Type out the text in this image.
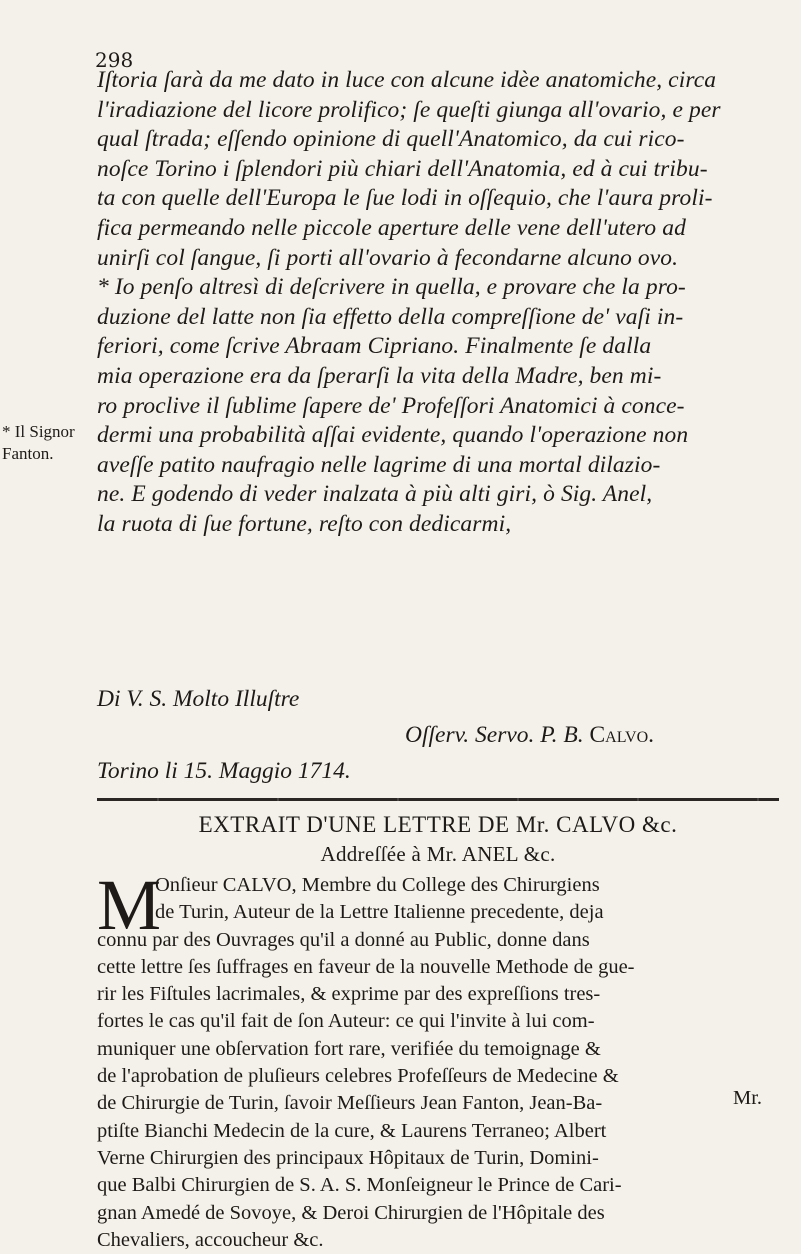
298
Iſtoria ſarà da me dato in luce con alcune idèe anatomiche, circa
l'iradiazione del licore prolifico; ſe queſti giunga all'ovario, e per
qual ſtrada; eſſendo opinione di quell'Anatomico, da cui rico-
noſce Torino i ſplendori più chiari dell'Anatomia, ed à cui tribu-
ta con quelle dell'Europa le ſue lodi in oſſequio, che l'aura proli-
fica permeando nelle piccole aperture delle vene dell'utero ad
unirſi col ſangue, ſi porti all'ovario à fecondarne alcuno ovo.
* Io penſo altresì di deſcrivere in quella, e provare che la pro-
duzione del latte non ſia effetto della compreſſione de' vaſi in-
feriori, come ſcrive Abraam Cipriano. Finalmente ſe dalla
mia operazione era da ſperarſi la vita della Madre, ben mi-
ro proclive il ſublime ſapere de' Profeſſori Anatomici à conce-
dermi una probabilità aſſai evidente, quando l'operazione non
aveſſe patito naufragio nelle lagrime di una mortal dilazio-
ne. E godendo di veder inalzata à più alti giri, ò Sig. Anel,
la ruota di ſue fortune, reſto con dedicarmi,
* Il Signor
Fanton.
Di V. S. Molto Illuſtre
Oſſerv. Servo. P. B. Calvo.
Torino li 15. Maggio 1714.
EXTRAIT D'UNE LETTRE DE Mr. CALVO &c.
Addreſſée à Mr. ANEL &c.
M
Onſieur CALVO, Membre du College des Chirurgiens
de Turin, Auteur de la Lettre Italienne precedente, deja
connu par des Ouvrages qu'il a donné au Public, donne dans
cette lettre ſes ſuffrages en faveur de la nouvelle Methode de gue-
rir les Fiſtules lacrimales, & exprime par des expreſſions tres-
fortes le cas qu'il fait de ſon Auteur: ce qui l'invite à lui com-
muniquer une obſervation fort rare, verifiée du temoignage &
de l'aprobation de pluſieurs celebres Profeſſeurs de Medecine &
de Chirurgie de Turin, ſavoir Meſſieurs Jean Fanton, Jean-Ba-
ptiſte Bianchi Medecin de la cure, & Laurens Terraneo; Albert
Verne Chirurgien des principaux Hôpitaux de Turin, Domini-
que Balbi Chirurgien de S. A. S. Monſeigneur le Prince de Cari-
gnan Amedé de Sovoye, & Deroi Chirurgien de l'Hôpitale des
Chevaliers, accoucheur &c.
Mr.
